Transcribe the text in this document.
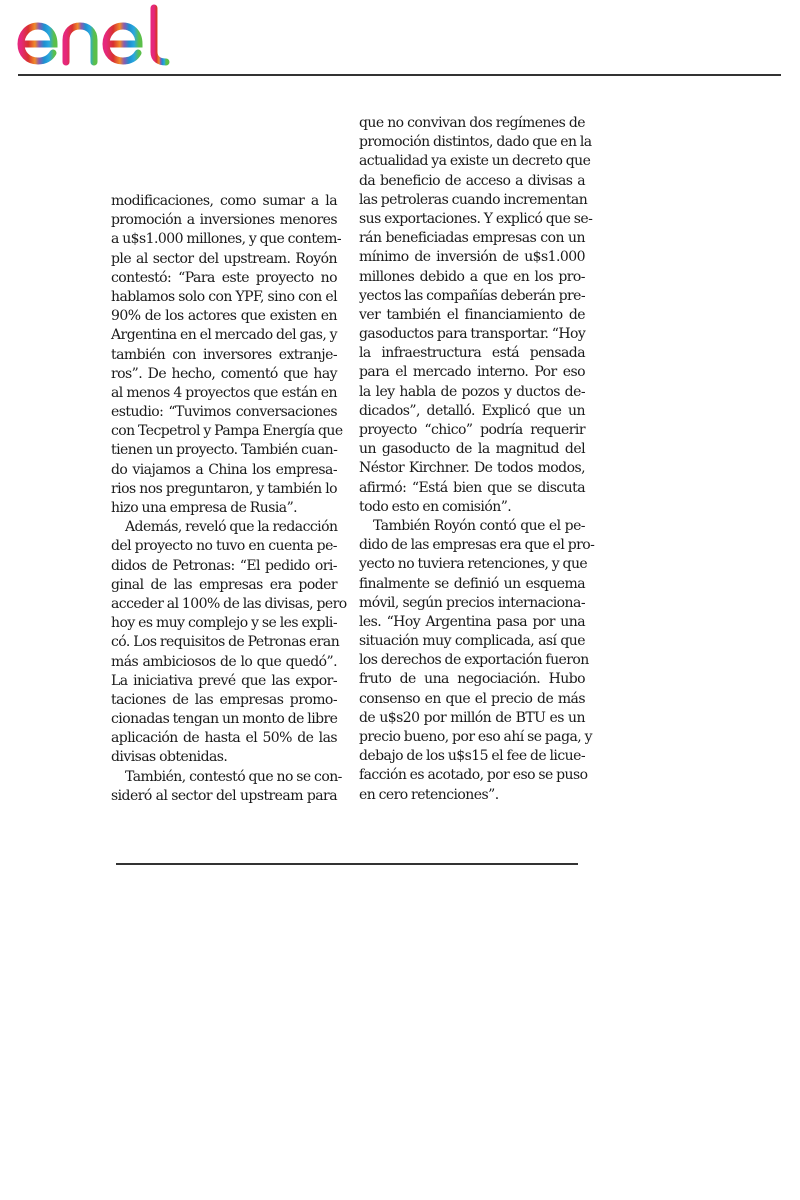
modificaciones, como sumar a la
promoción a inversiones menores
a u$s1.000 millones, y que contem-
ple al sector del upstream. Royón
contestó: “Para este proyecto no
hablamos solo con YPF, sino con el
90% de los actores que existen en
Argentina en el mercado del gas, y
también con inversores extranje-
ros”. De hecho, comentó que hay
al menos 4 proyectos que están en
estudio: “Tuvimos conversaciones
con Tecpetrol y Pampa Energía que
tienen un proyecto. También cuan-
do viajamos a China los empresa-
rios nos preguntaron, y también lo
hizo una empresa de Rusia”.
Además, reveló que la redacción
del proyecto no tuvo en cuenta pe-
didos de Petronas: “El pedido ori-
ginal de las empresas era poder
acceder al 100% de las divisas, pero
hoy es muy complejo y se les expli-
có. Los requisitos de Petronas eran
más ambiciosos de lo que quedó”.
La iniciativa prevé que las expor-
taciones de las empresas promo-
cionadas tengan un monto de libre
aplicación de hasta el 50% de las
divisas obtenidas.
También, contestó que no se con-
sideró al sector del upstream para
que no convivan dos regímenes de
promoción distintos, dado que en la
actualidad ya existe un decreto que
da beneficio de acceso a divisas a
las petroleras cuando incrementan
sus exportaciones. Y explicó que se-
rán beneficiadas empresas con un
mínimo de inversión de u$s1.000
millones debido a que en los pro-
yectos las compañías deberán pre-
ver también el financiamiento de
gasoductos para transportar. “Hoy
la infraestructura está pensada
para el mercado interno. Por eso
la ley habla de pozos y ductos de-
dicados”, detalló. Explicó que un
proyecto “chico” podría requerir
un gasoducto de la magnitud del
Néstor Kirchner. De todos modos,
afirmó: “Está bien que se discuta
todo esto en comisión”.
También Royón contó que el pe-
dido de las empresas era que el pro-
yecto no tuviera retenciones, y que
finalmente se definió un esquema
móvil, según precios internaciona-
les. “Hoy Argentina pasa por una
situación muy complicada, así que
los derechos de exportación fueron
fruto de una negociación. Hubo
consenso en que el precio de más
de u$s20 por millón de BTU es un
precio bueno, por eso ahí se paga, y
debajo de los u$s15 el fee de licue-
facción es acotado, por eso se puso
en cero retenciones”.
